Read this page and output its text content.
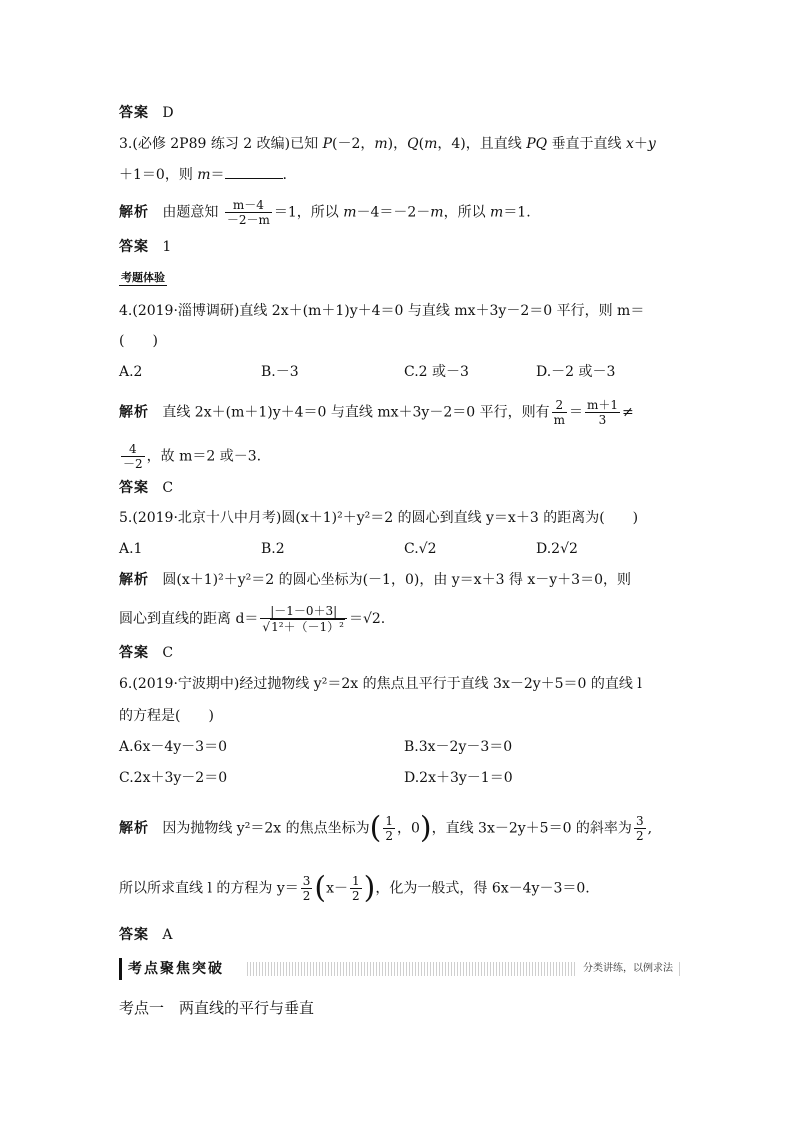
答案 D
3.(必修 2P89 练习 2 改编)已知 P(－2，m)，Q(m，4)，且直线 PQ 垂直于直线 x＋y
＋1＝0，则 m＝	.
解析 由题意知 $\frac{m-4}{-2-m} =1$，所以 m－4＝－2－m，所以 m＝1.
答案 1
考题体验
4.(2019·淄博调研)直线 2x＋(m＋1)y＋4＝0 与直线 mx＋3y－2＝0 平行，则 m＝
(　　)
A.2	B.－3	C.2 或－3	D.－2 或－3
解析 直线 2x＋(m＋1)y＋4＝0 与直线 mx＋3y－2＝0 平行，则有 $\frac{2}{m} = \frac{m+1}{3}$ ≠
$\frac{4}{-2}$ ，故 m＝2 或－3.
答案 C
5.(2019·北京十八中月考)圆(x＋1)²＋y²＝2 的圆心到直线 y＝x＋3 的距离为(　　)
A.1	B.2	C.√2	D.2√2
解析 圆(x＋1)²＋y²＝2 的圆心坐标为(－1，0)，由 y＝x＋3 得 x－y＋3＝0，则
圆心到直线的距离 $d= \frac{|-1-0+3|}{\text{√1²＋（－1）²}} =√2$.
答案 C
6.(2019·宁波期中)经过抛物线 y²＝2x 的焦点且平行于直线 3x－2y＋5＝0 的直线 l
的方程是(　　)
A.6x－4y－3＝0	B.3x－2y－3＝0
C.2x＋3y－2＝0	D.2x＋3y－1＝0
解析 因为抛物线 y²＝2x 的焦点坐标为( $\frac{1}{2}$ ，0)，直线 3x－2y＋5＝0 的斜率为 $\frac{3}{2}$ ,
所以所求直线 l 的方程为 $y= \frac{3}{2} (x- \frac{1}{2}$ )，化为一般式，得 6x－4y－3＝0.
答案 A
考点聚焦突破	分类讲练，以例求法
考点一　两直线的平行与垂直
